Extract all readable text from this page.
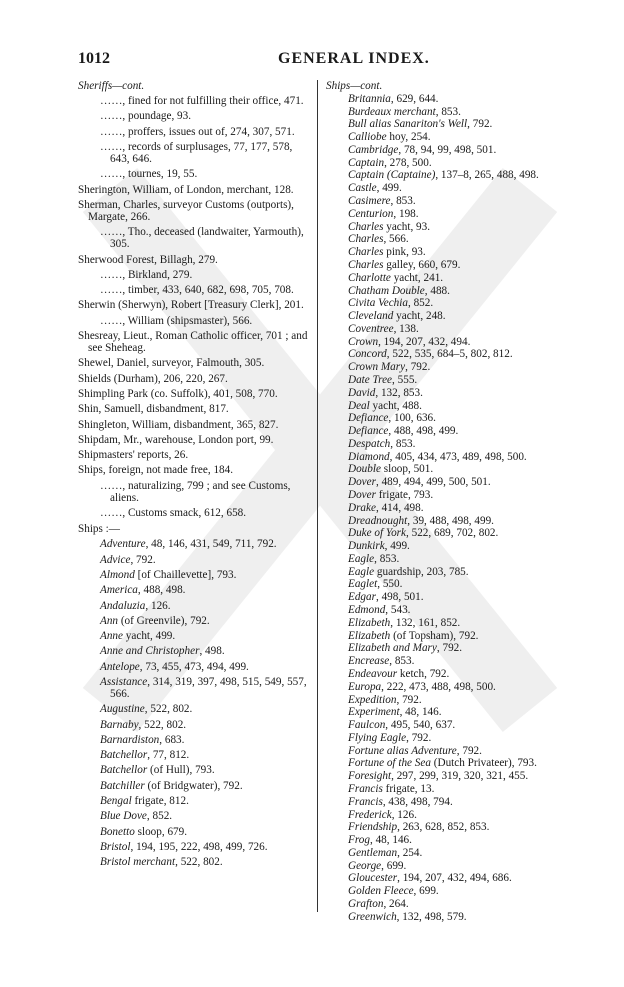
1012	GENERAL INDEX.
Sheriffs—cont.
……, fined for not fulfilling their office, 471.
……, poundage, 93.
……, proffers, issues out of, 274, 307, 571.
……, records of surplusages, 77, 177, 578, 643, 646.
……, tournes, 19, 55.
Sherington, William, of London, merchant, 128.
Sherman, Charles, surveyor Customs (outports), Margate, 266.
……, Tho., deceased (landwaiter, Yarmouth), 305.
Sherwood Forest, Billagh, 279.
……, Birkland, 279.
……, timber, 433, 640, 682, 698, 705, 708.
Sherwin (Sherwyn), Robert [Treasury Clerk], 201.
……, William (shipsmaster), 566.
Shesreay, Lieut., Roman Catholic officer, 701 ; and see Sheheag.
Shewel, Daniel, surveyor, Falmouth, 305.
Shields (Durham), 206, 220, 267.
Shimpling Park (co. Suffolk), 401, 508, 770.
Shin, Samuell, disbandment, 817.
Shingleton, William, disbandment, 365, 827.
Shipdam, Mr., warehouse, London port, 99.
Shipmasters' reports, 26.
Ships, foreign, not made free, 184.
……, naturalizing, 799 ; and see Customs, aliens.
……, Customs smack, 612, 658.
Ships :—
Adventure, 48, 146, 431, 549, 711, 792.
Advice, 792.
Almond [of Chaillevette], 793.
America, 488, 498.
Andaluzia, 126.
Ann (of Greenvile), 792.
Anne yacht, 499.
Anne and Christopher, 498.
Antelope, 73, 455, 473, 494, 499.
Assistance, 314, 319, 397, 498, 515, 549, 557, 566.
Augustine, 522, 802.
Barnaby, 522, 802.
Barnardiston, 683.
Batchellor, 77, 812.
Batchellor (of Hull), 793.
Batchiller (of Bridgwater), 792.
Bengal frigate, 812.
Blue Dove, 852.
Bonetto sloop, 679.
Bristol, 194, 195, 222, 498, 499, 726.
Bristol merchant, 522, 802.
Ships—cont.
Britannia, 629, 644.
Burdeaux merchant, 853.
Bull alias Sanariton's Well, 792.
Calliobe hoy, 254.
Cambridge, 78, 94, 99, 498, 501.
Captain, 278, 500.
Captain (Captaine), 137–8, 265, 488, 498.
Castle, 499.
Casimere, 853.
Centurion, 198.
Charles yacht, 93.
Charles, 566.
Charles pink, 93.
Charles galley, 660, 679.
Charlotte yacht, 241.
Chatham Double, 488.
Civita Vechia, 852.
Cleveland yacht, 248.
Coventree, 138.
Crown, 194, 207, 432, 494.
Concord, 522, 535, 684–5, 802, 812.
Crown Mary, 792.
Date Tree, 555.
David, 132, 853.
Deal yacht, 488.
Defiance, 100, 636.
Defiance, 488, 498, 499.
Despatch, 853.
Diamond, 405, 434, 473, 489, 498, 500.
Double sloop, 501.
Dover, 489, 494, 499, 500, 501.
Dover frigate, 793.
Drake, 414, 498.
Dreadnought, 39, 488, 498, 499.
Duke of York, 522, 689, 702, 802.
Dunkirk, 499.
Eagle, 853.
Eagle guardship, 203, 785.
Eaglet, 550.
Edgar, 498, 501.
Edmond, 543.
Elizabeth, 132, 161, 852.
Elizabeth (of Topsham), 792.
Elizabeth and Mary, 792.
Encrease, 853.
Endeavour ketch, 792.
Europa, 222, 473, 488, 498, 500.
Expedition, 792.
Experiment, 48, 146.
Faulcon, 495, 540, 637.
Flying Eagle, 792.
Fortune alias Adventure, 792.
Fortune of the Sea (Dutch Privateer), 793.
Foresight, 297, 299, 319, 320, 321, 455.
Francis frigate, 13.
Francis, 438, 498, 794.
Frederick, 126.
Friendship, 263, 628, 852, 853.
Frog, 48, 146.
Gentleman, 254.
George, 699.
Gloucester, 194, 207, 432, 494, 686.
Golden Fleece, 699.
Grafton, 264.
Greenwich, 132, 498, 579.
